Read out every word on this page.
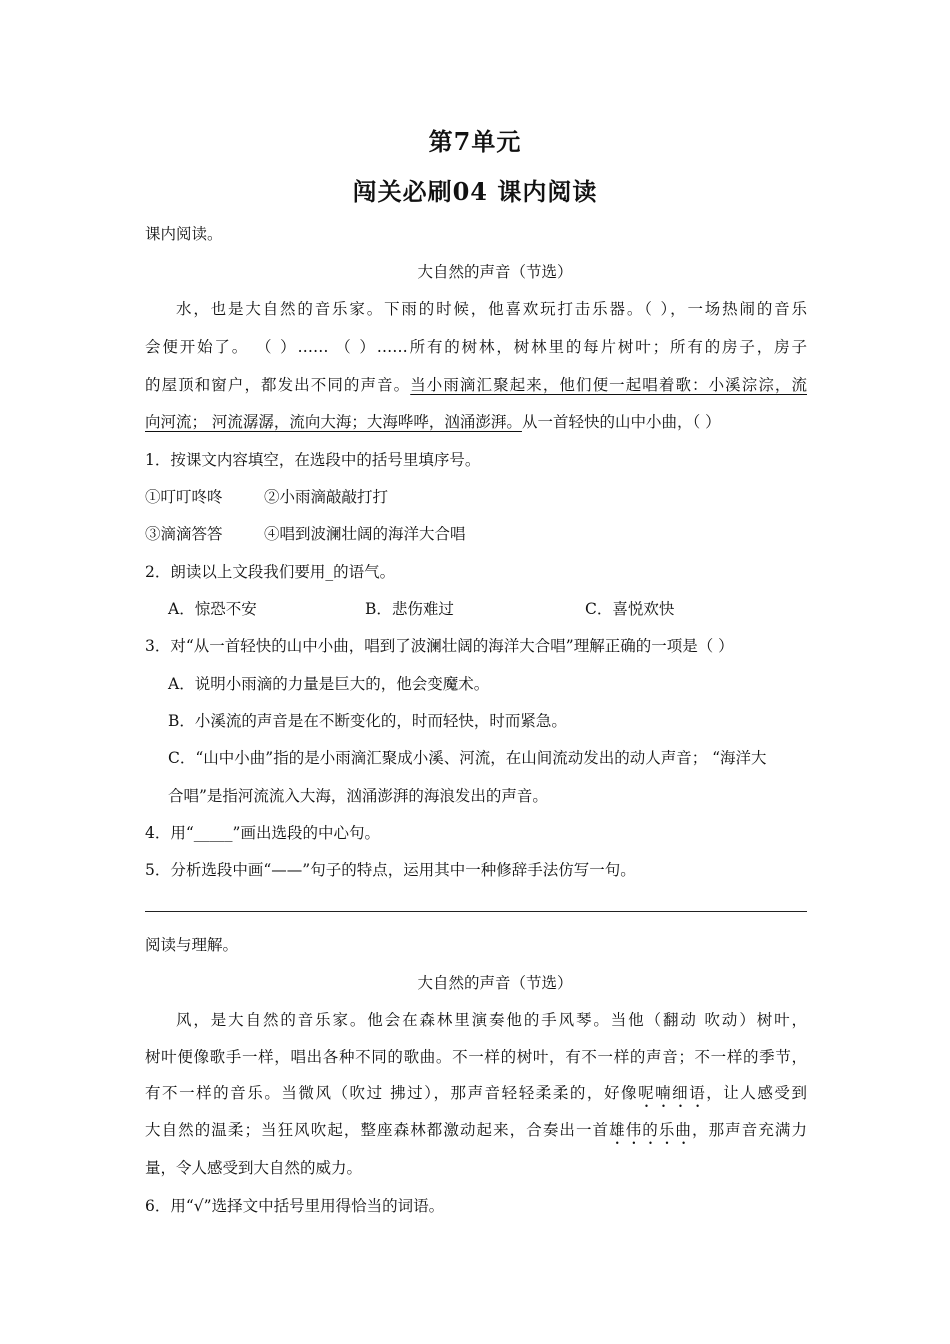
第7单元
闯关必刷04 课内阅读
课内阅读。
大自然的声音（节选）
水，也是大自然的音乐家。下雨的时候，他喜欢玩打击乐器。（ ），一场热闹的音乐
会便开始了。 （ ）…… （ ）……所有的树林，树林里的每片树叶；所有的房子，房子
的屋顶和窗户，都发出不同的声音。当小雨滴汇聚起来，他们便一起唱着歌：小溪淙淙，流
向河流； 河流潺潺，流向大海；大海哗哗，汹涌澎湃。从一首轻快的山中小曲，（ ）
1．按课文内容填空，在选段中的括号里填序号。
①叮叮咚咚	②小雨滴敲敲打打
③滴滴答答	④唱到波澜壮阔的海洋大合唱
2．朗读以上文段我们要用_的语气。
A．惊恐不安	B．悲伤难过	C．喜悦欢快
3．对“从一首轻快的山中小曲，唱到了波澜壮阔的海洋大合唱”理解正确的一项是（ ）
A．说明小雨滴的力量是巨大的，他会变魔术。
B．小溪流的声音是在不断变化的，时而轻快，时而紧急。
C．“山中小曲”指的是小雨滴汇聚成小溪、河流，在山间流动发出的动人声音； “海洋大
合唱”是指河流流入大海，汹涌澎湃的海浪发出的声音。
4．用“_____”画出选段的中心句。
5．分析选段中画“——”句子的特点，运用其中一种修辞手法仿写一句。
阅读与理解。
大自然的声音（节选）
风，是大自然的音乐家。他会在森林里演奏他的手风琴。当他（翻动 吹动）树叶，
树叶便像歌手一样，唱出各种不同的歌曲。不一样的树叶，有不一样的声音；不一样的季节，
有不一样的音乐。当微风（吹过 拂过），那声音轻轻柔柔的，好像呢喃细语，让人感受到
大自然的温柔；当狂风吹起，整座森林都激动起来，合奏出一首雄伟的乐曲，那声音充满力
量，令人感受到大自然的威力。
6．用“√”选择文中括号里用得恰当的词语。
